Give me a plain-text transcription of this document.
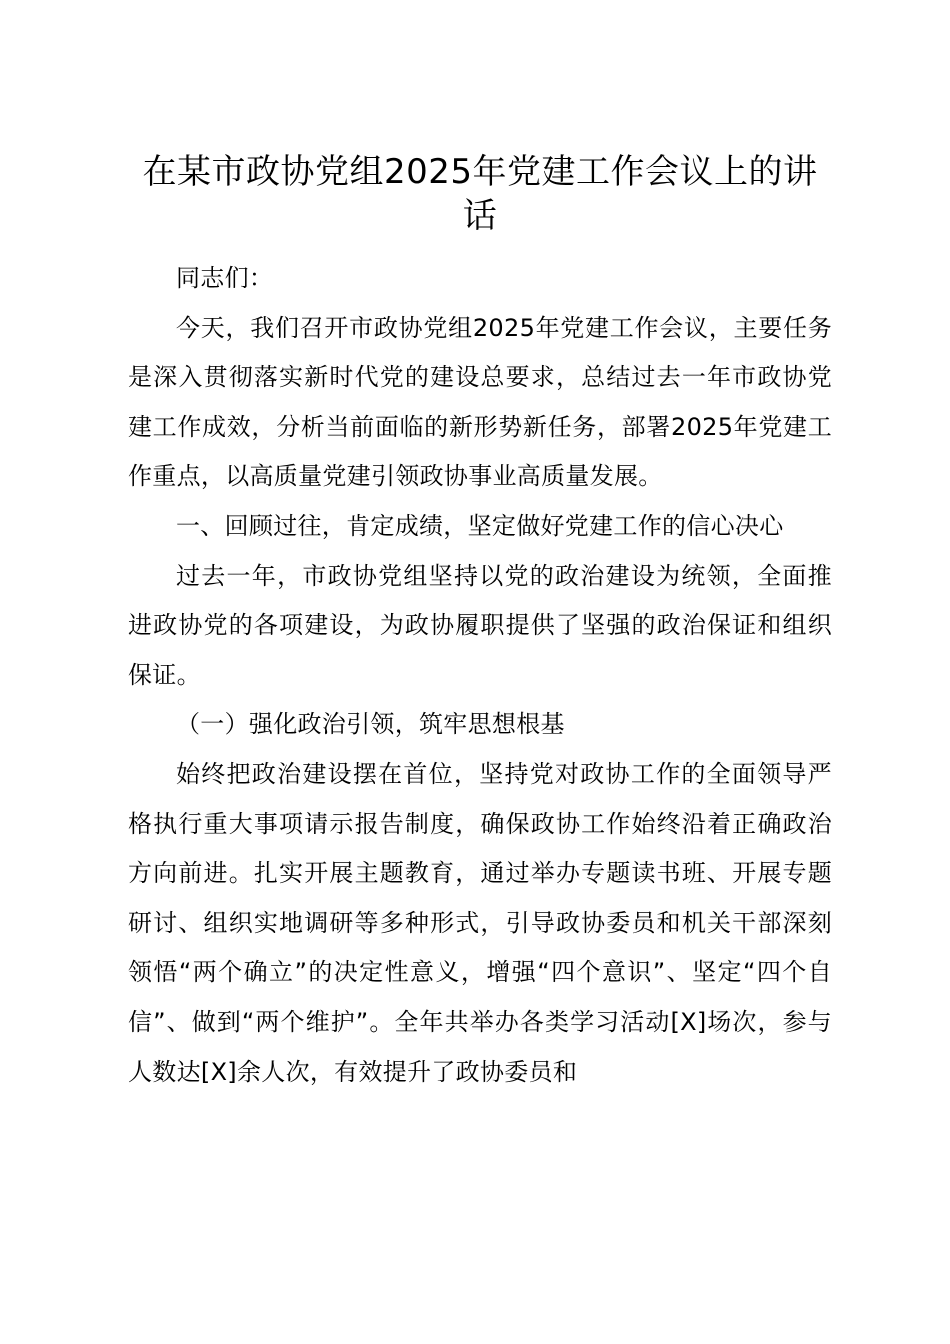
在某市政协党组2025年党建工作会议上的讲话

同志们：

今天，我们召开市政协党组2025年党建工作会议，主要任务是深入贯彻落实新时代党的建设总要求，总结过去一年市政协党建工作成效，分析当前面临的新形势新任务，部署2025年党建工作重点，以高质量党建引领政协事业高质量发展。

一、回顾过往，肯定成绩，坚定做好党建工作的信心决心

过去一年，市政协党组坚持以党的政治建设为统领，全面推进政协党的各项建设，为政协履职提供了坚强的政治保证和组织保证。

（一）强化政治引领，筑牢思想根基

始终把政治建设摆在首位，坚持党对政协工作的全面领导严格执行重大事项请示报告制度，确保政协工作始终沿着正确政治方向前进。扎实开展主题教育，通过举办专题读书班、开展专题研讨、组织实地调研等多种形式，引导政协委员和机关干部深刻领悟“两个确立”的决定性意义，增强“四个意识”、坚定“四个自信”、做到“两个维护”。全年共举办各类学习活动[X]场次，参与人数达[X]余人次，有效提升了政协委员和
